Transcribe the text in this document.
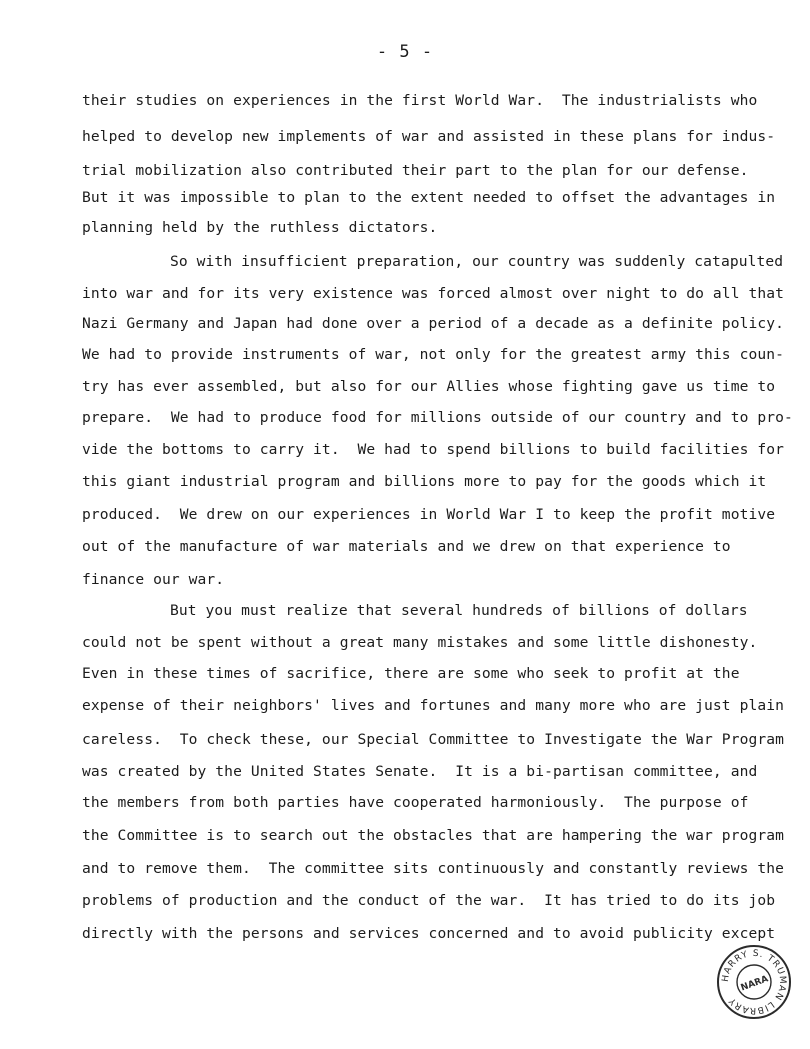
- 5 -
their studies on experiences in the first World War.  The industrialists who
helped to develop new implements of war and assisted in these plans for indus-
trial mobilization also contributed their part to the plan for our defense.
But it was impossible to plan to the extent needed to offset the advantages in
planning held by the ruthless dictators.
So with insufficient preparation, our country was suddenly catapulted
into war and for its very existence was forced almost over night to do all that
Nazi Germany and Japan had done over a period of a decade as a definite policy.
We had to provide instruments of war, not only for the greatest army this coun-
try has ever assembled, but also for our Allies whose fighting gave us time to
prepare.  We had to produce food for millions outside of our country and to pro-
vide the bottoms to carry it.  We had to spend billions to build facilities for
this giant industrial program and billions more to pay for the goods which it
produced.  We drew on our experiences in World War I to keep the profit motive
out of the manufacture of war materials and we drew on that experience to
finance our war.
But you must realize that several hundreds of billions of dollars
could not be spent without a great many mistakes and some little dishonesty.
Even in these times of sacrifice, there are some who seek to profit at the
expense of their neighbors' lives and fortunes and many more who are just plain
careless.  To check these, our Special Committee to Investigate the War Program
was created by the United States Senate.  It is a bi-partisan committee, and
the members from both parties have cooperated harmoniously.  The purpose of
the Committee is to search out the obstacles that are hampering the war program
and to remove them.  The committee sits continuously and constantly reviews the
problems of production and the conduct of the war.  It has tried to do its job
directly with the persons and services concerned and to avoid publicity except
HARRY S. TRUMAN LIBRARY
NARA
